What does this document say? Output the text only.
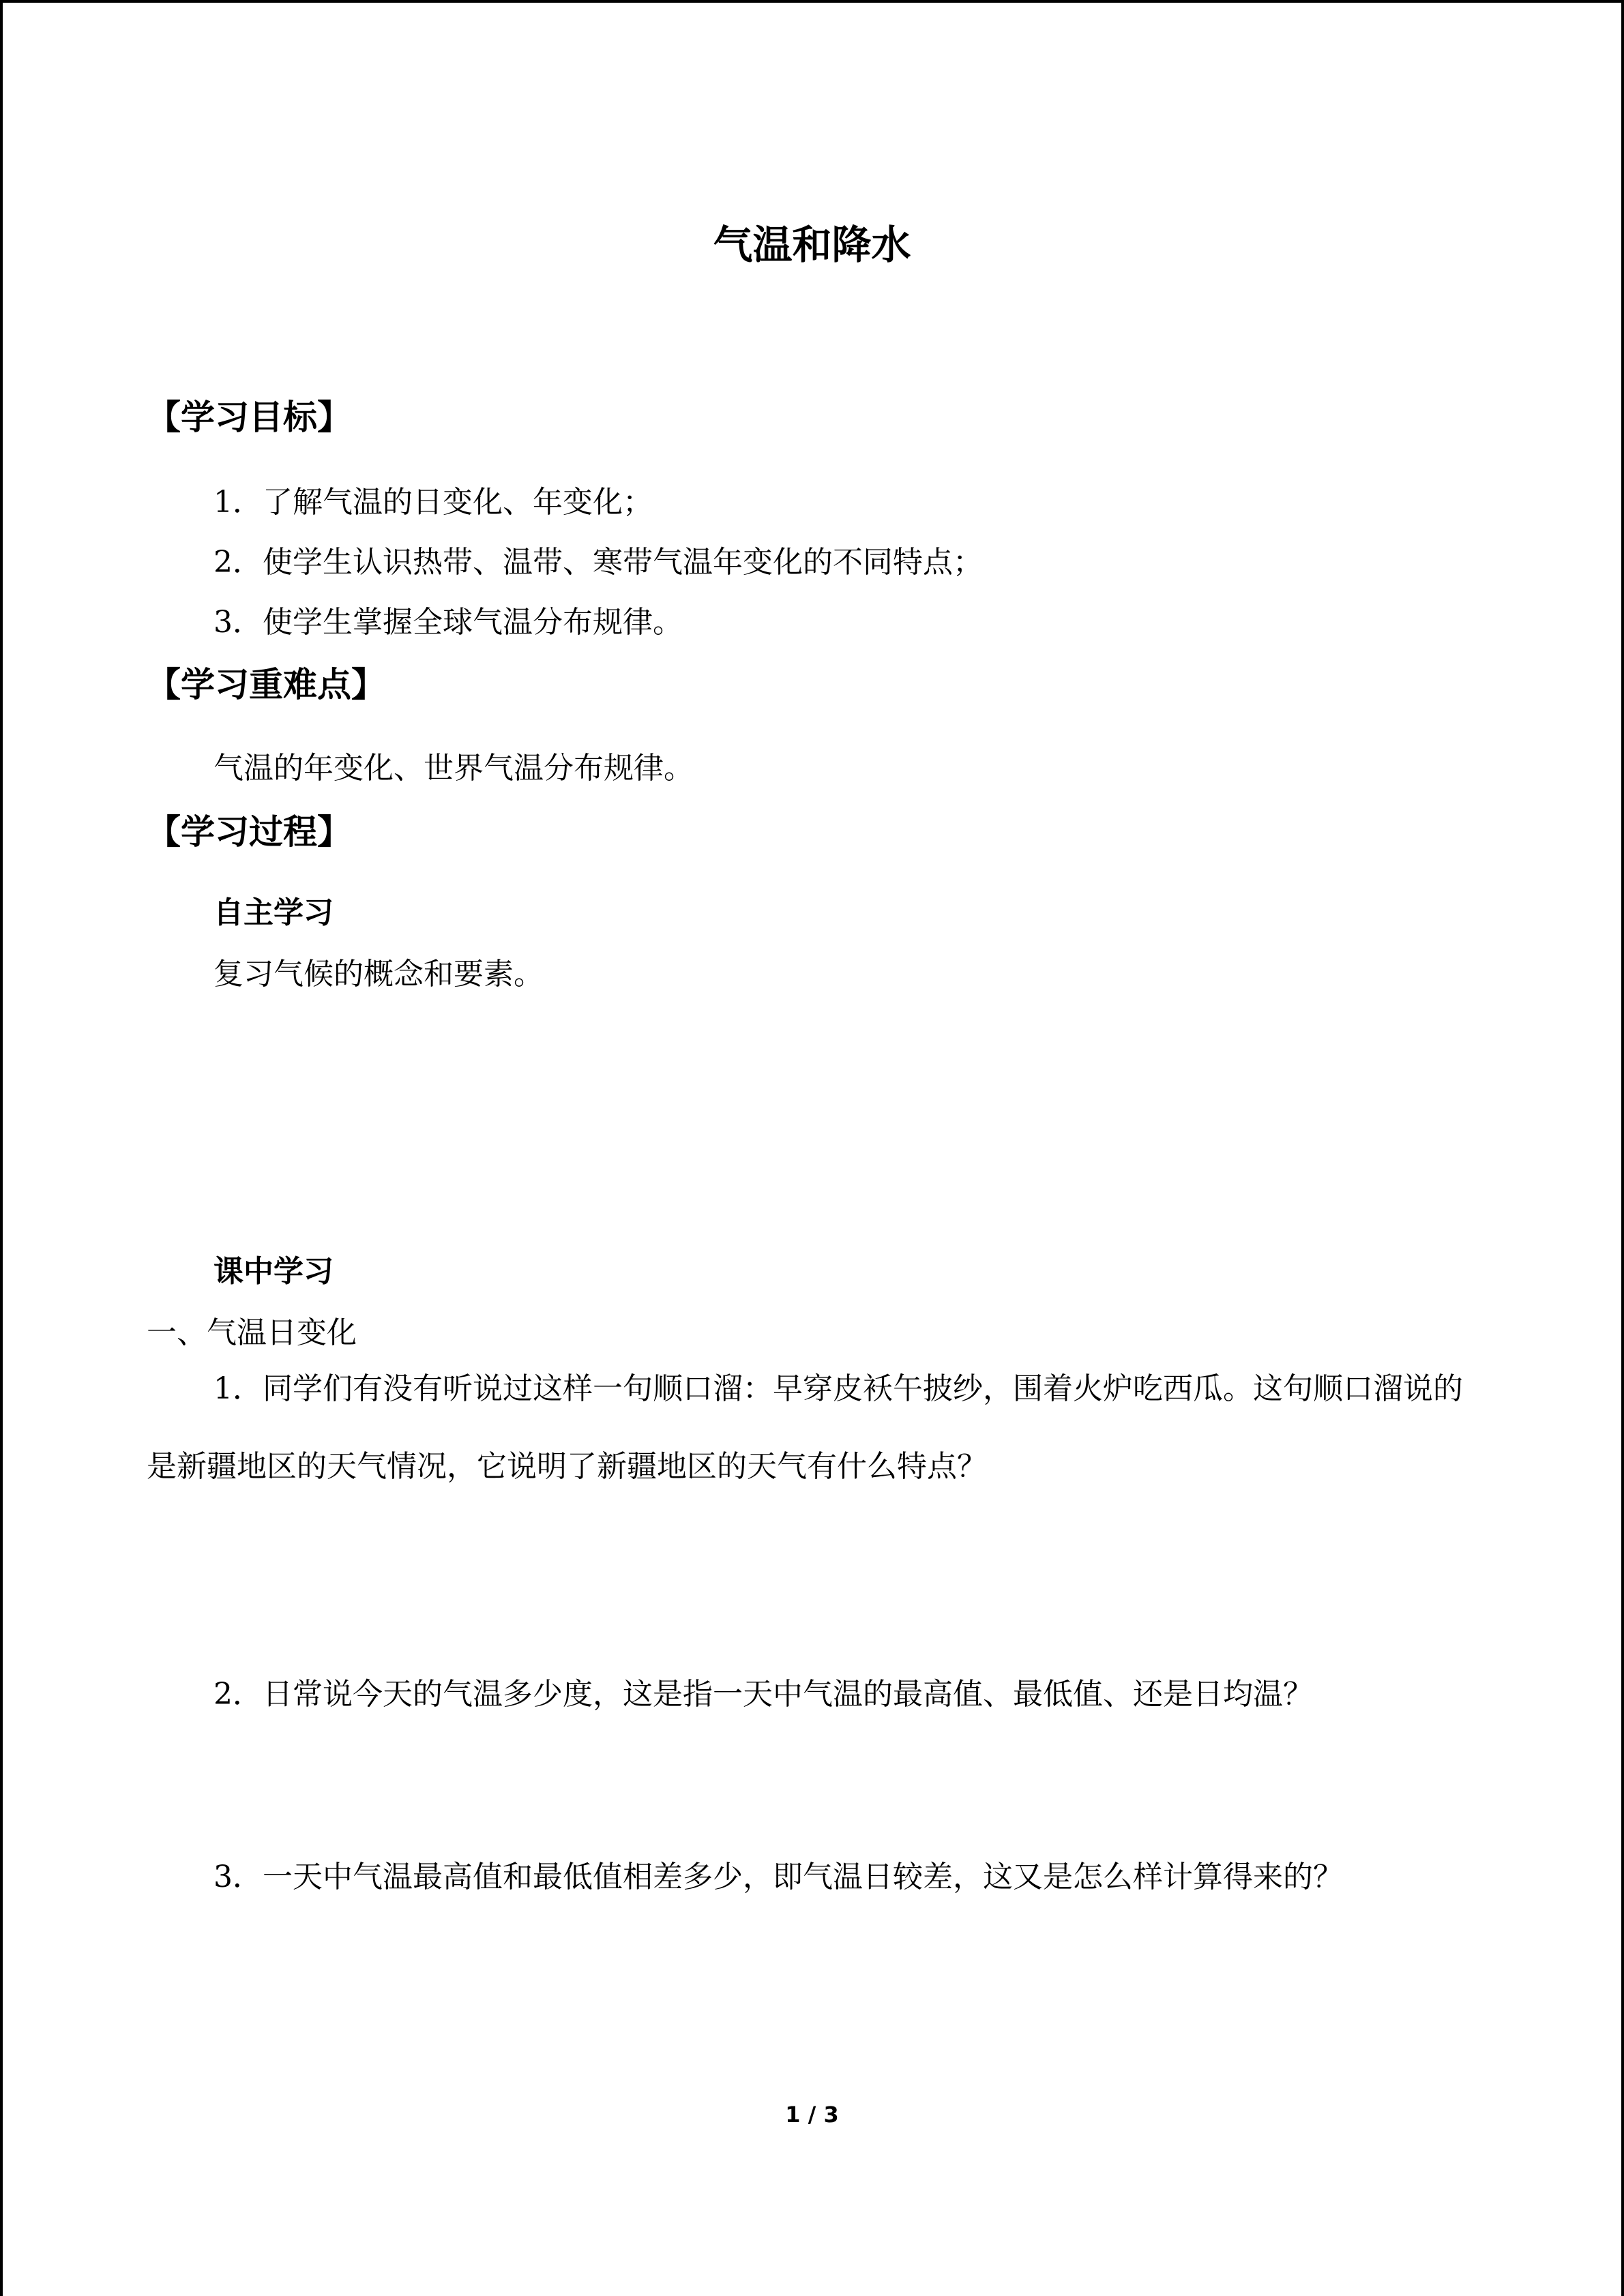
气温和降水
【学习目标】
1．了解气温的日变化、年变化；
2．使学生认识热带、温带、寒带气温年变化的不同特点；
3．使学生掌握全球气温分布规律。
【学习重难点】
气温的年变化、世界气温分布规律。
【学习过程】
自主学习
复习气候的概念和要素。
课中学习
一、气温日变化
1．同学们有没有听说过这样一句顺口溜：早穿皮袄午披纱，围着火炉吃西瓜。这句顺口溜说的是新疆地区的天气情况，它说明了新疆地区的天气有什么特点？
2．日常说今天的气温多少度，这是指一天中气温的最高值、最低值、还是日均温？
3．一天中气温最高值和最低值相差多少，即气温日较差，这又是怎么样计算得来的？
1 / 3
